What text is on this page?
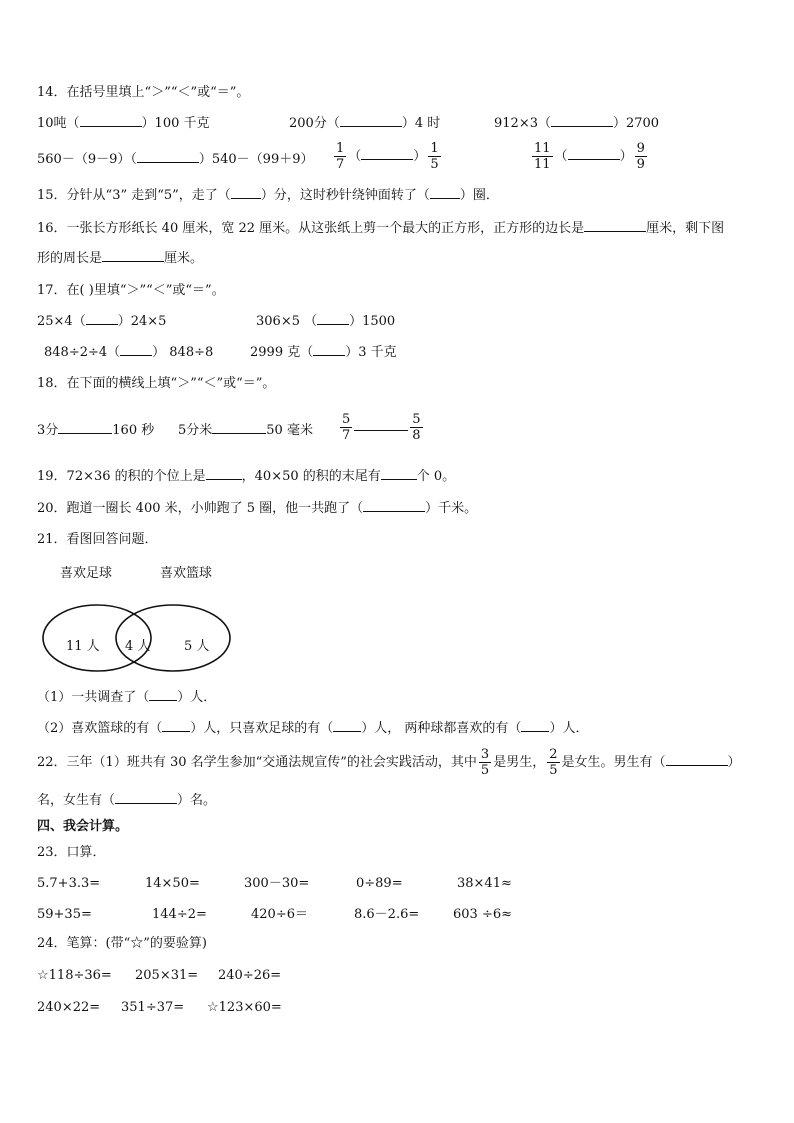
14．在括号里填上“＞”“＜”或“＝”。
10吨（	）100 千克	200分（	）4 时	912×3（	）2700
560－（9－9）（	）$540-(99+9) \frac{1}{7}$ （	） $\frac{1}{5}$	$\frac{11}{11}$ （	） $\frac{9}{9}$
15．分针从“3” 走到“5”，走了（ ）分，这时秒针绕钟面转了（ ）圈．
16．一张长方形纸长 40 厘米，宽 22 厘米。从这张纸上剪一个最大的正方形，正方形的边长是	厘米，剩下图
形的周长是	厘米。
17．在( )里填“＞”“＜”或“＝”。
25×4（ ）24×5	306×5 （ ）1500
848÷2÷4（ ） 848÷8	2999 克（ ）3 千克
18．在下面的横线上填“＞”“＜”或“＝”。
3分	160 秒 5分米	50 毫米 $\frac{5}{7}$	$\frac{5}{8}$
19．72×36 的积的个位上是	，40×50 的积的末尾有	个 0。
20．跑道一圈长 400 米，小帅跑了 5 圈，他一共跑了（	）千米。
21．看图回答问题．
喜欢足球	喜欢篮球
11 人 4 人	5 人
（1）一共调查了（ ）人．
（2）喜欢篮球的有（ ）人，只喜欢足球的有（ ）人， 两种球都喜欢的有（ ）人．
22．三年（1）班共有 30 名学生参加“交通法规宣传”的社会实践活动，其中 $\frac{3}{5}$ 是男生， $\frac{2}{5}$ 是女生。男生有（	）
名，女生有（	）名。
四、我会计算。
23．口算．
5.7+3.3=	14×50=	300－30=	0÷89=	38×41≈
59+35=	144÷2=	420÷6＝	8.6－2.6=	603 ÷6≈
24．笔算：(带“☆”的要验算)
☆118÷36= 205×31= 240÷26=
240×22= 351÷37= ☆123×60=
